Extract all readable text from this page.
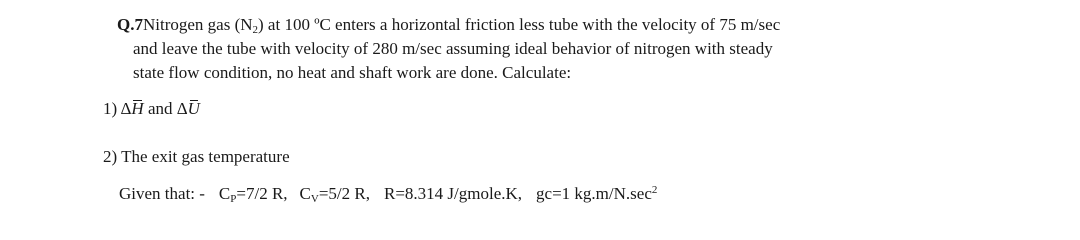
Q.7Nitrogen gas $(N_2)$ at 100 ºC enters a horizontal friction less tube with the velocity of 75 m/sec
and leave the tube with velocity of 280 m/sec assuming ideal behavior of nitrogen with steady
state flow condition, no heat and shaft work are done. Calculate:
1) ΔH and ΔU
2) The exit gas temperature
Given that: - $C_P=7/2$ R, $C_V=5/2$ R, R=8.314 J/gmole.K, gc=1 $kg.m/N.\sec^2$
